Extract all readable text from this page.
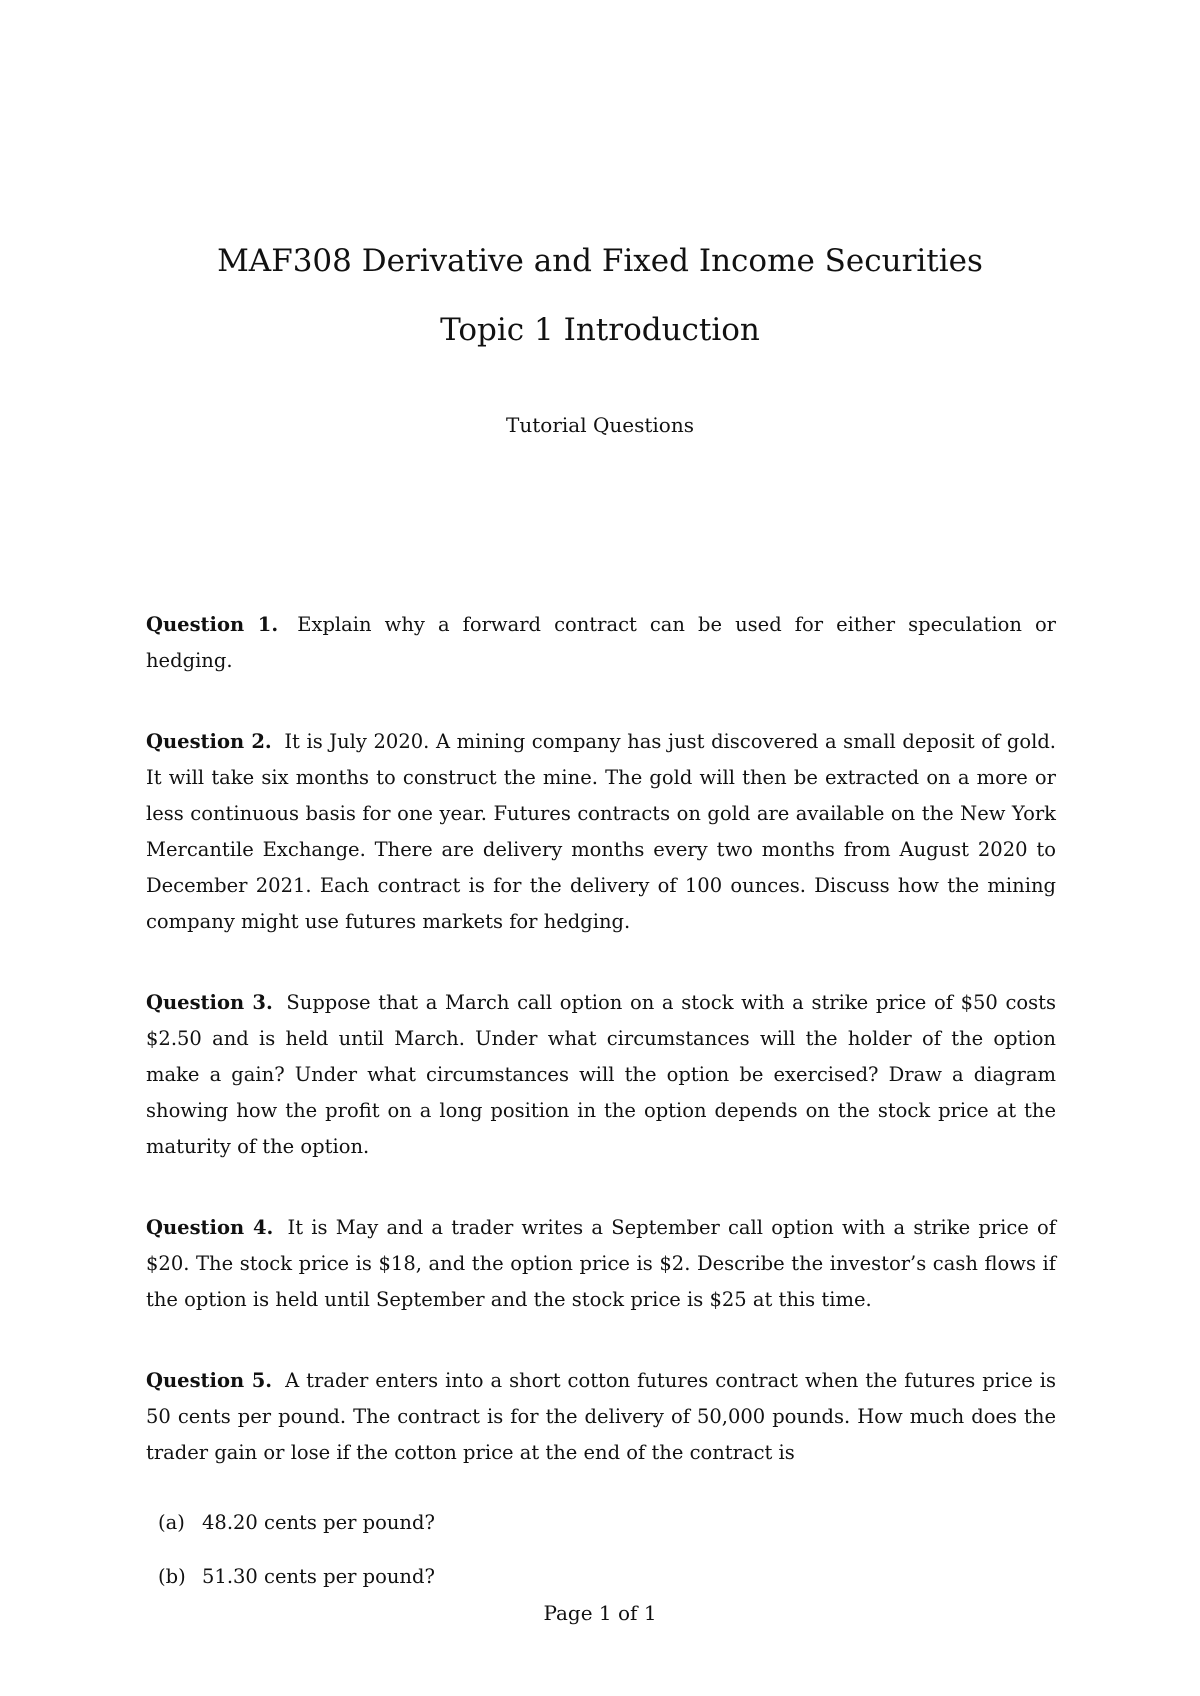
MAF308 Derivative and Fixed Income Securities
Topic 1 Introduction

Tutorial Questions

Question 1. Explain why a forward contract can be used for either speculation or hedging.

Question 2. It is July 2020. A mining company has just discovered a small deposit of gold. It will take six months to construct the mine. The gold will then be extracted on a more or less continuous basis for one year. Futures contracts on gold are available on the New York Mercantile Exchange. There are delivery months every two months from August 2020 to December 2021. Each contract is for the delivery of 100 ounces. Discuss how the mining company might use futures markets for hedging.

Question 3. Suppose that a March call option on a stock with a strike price of $50 costs $2.50 and is held until March. Under what circumstances will the holder of the option make a gain? Under what circumstances will the option be exercised? Draw a diagram showing how the profit on a long position in the option depends on the stock price at the maturity of the option.

Question 4. It is May and a trader writes a September call option with a strike price of $20. The stock price is $18, and the option price is $2. Describe the investor’s cash flows if the option is held until September and the stock price is $25 at this time.

Question 5. A trader enters into a short cotton futures contract when the futures price is 50 cents per pound. The contract is for the delivery of 50,000 pounds. How much does the trader gain or lose if the cotton price at the end of the contract is

(a) 48.20 cents per pound?
(b) 51.30 cents per pound?
Page 1 of 1
